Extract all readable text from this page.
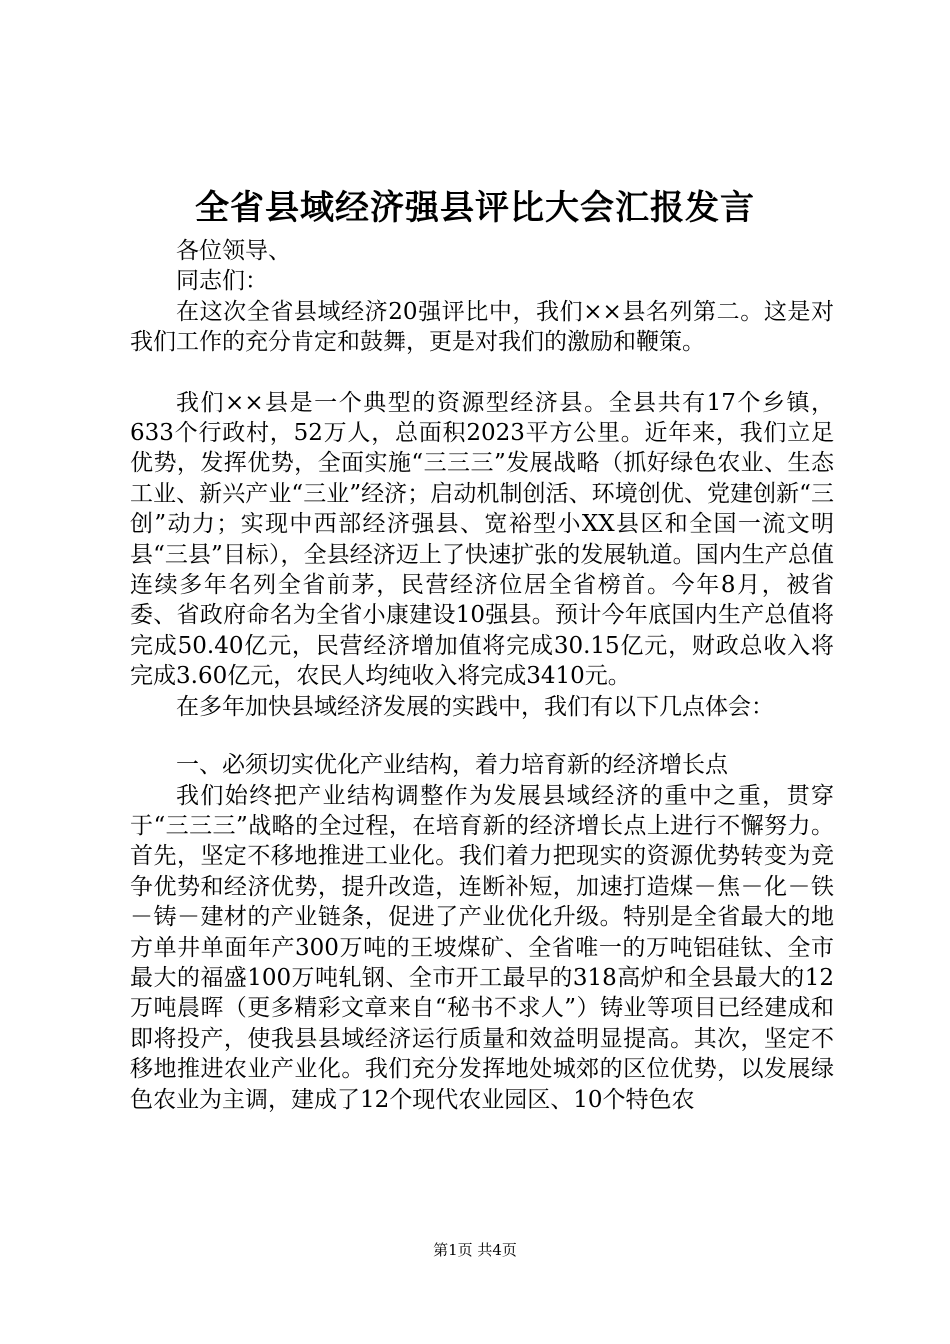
全省县域经济强县评比大会汇报发言

各位领导、

同志们：

在这次全省县域经济20强评比中，我们××县名列第二。这是对我们工作的充分肯定和鼓舞，更是对我们的激励和鞭策。

我们××县是一个典型的资源型经济县。全县共有17个乡镇，633个行政村，52万人，总面积2023平方公里。近年来，我们立足优势，发挥优势，全面实施“三三三”发展战略（抓好绿色农业、生态工业、新兴产业“三业”经济；启动机制创活、环境创优、党建创新“三创”动力；实现中西部经济强县、宽裕型小XX县区和全国一流文明县“三县”目标），全县经济迈上了快速扩张的发展轨道。国内生产总值连续多年名列全省前茅，民营经济位居全省榜首。今年8月，被省委、省政府命名为全省小康建设10强县。预计今年底国内生产总值将完成50.40亿元，民营经济增加值将完成30.15亿元，财政总收入将完成3.60亿元，农民人均纯收入将完成3410元。

在多年加快县域经济发展的实践中，我们有以下几点体会：

一、必须切实优化产业结构，着力培育新的经济增长点

我们始终把产业结构调整作为发展县域经济的重中之重，贯穿于“三三三”战略的全过程，在培育新的经济增长点上进行不懈努力。首先，坚定不移地推进工业化。我们着力把现实的资源优势转变为竞争优势和经济优势，提升改造，连断补短，加速打造煤－焦－化－铁－铸－建材的产业链条，促进了产业优化升级。特别是全省最大的地方单井单面年产300万吨的王坡煤矿、全省唯一的万吨铝硅钛、全市最大的福盛100万吨轧钢、全市开工最早的318高炉和全县最大的12万吨晨晖（更多精彩文章来自“秘书不求人”）铸业等项目已经建成和即将投产，使我县县域经济运行质量和效益明显提高。其次，坚定不移地推进农业产业化。我们充分发挥地处城郊的区位优势，以发展绿色农业为主调，建成了12个现代农业园区、10个特色农

第1页 共4页
